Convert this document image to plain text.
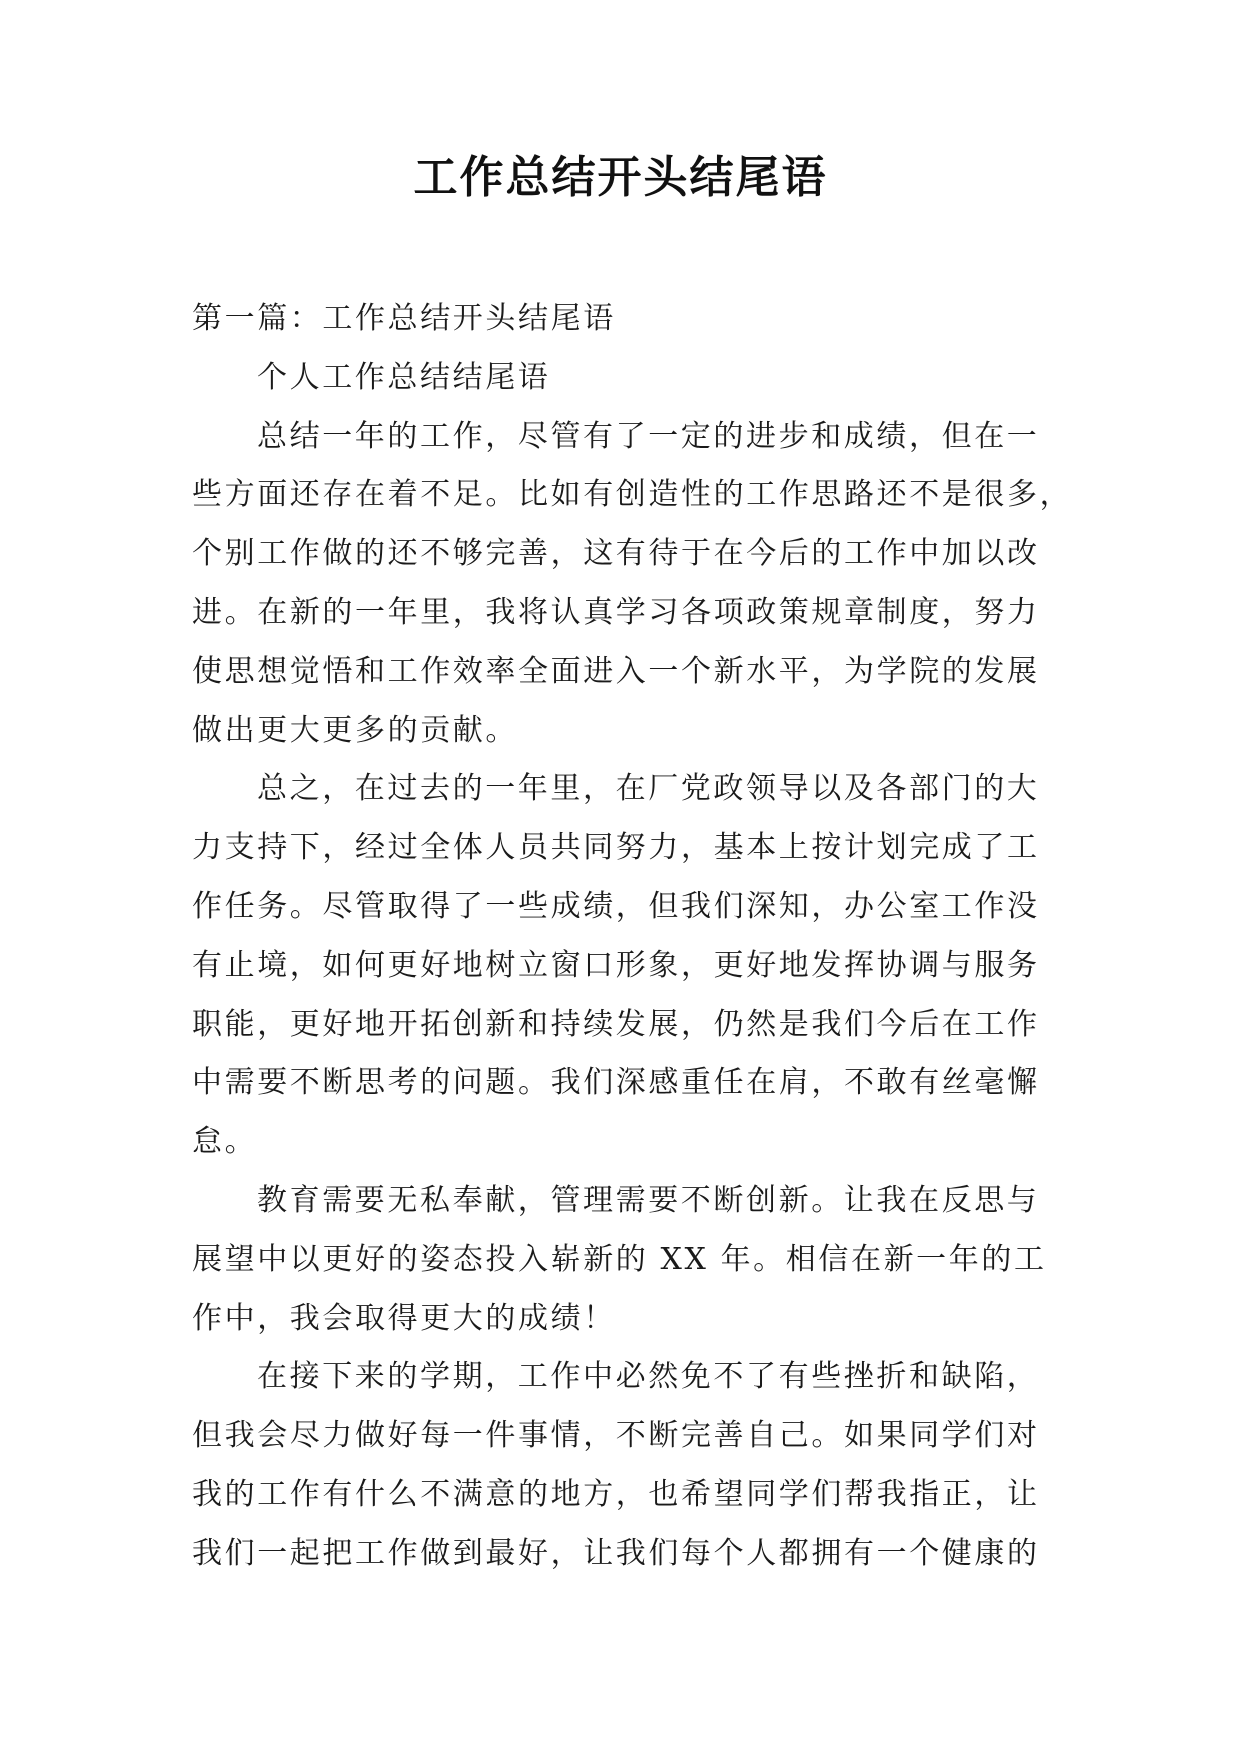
工作总结开头结尾语
第一篇：工作总结开头结尾语
个人工作总结结尾语
总结一年的工作，尽管有了一定的进步和成绩，但在一
些方面还存在着不足。比如有创造性的工作思路还不是很多，
个别工作做的还不够完善，这有待于在今后的工作中加以改
进。在新的一年里，我将认真学习各项政策规章制度，努力
使思想觉悟和工作效率全面进入一个新水平，为学院的发展
做出更大更多的贡献。
总之，在过去的一年里，在厂党政领导以及各部门的大
力支持下，经过全体人员共同努力，基本上按计划完成了工
作任务。尽管取得了一些成绩，但我们深知，办公室工作没
有止境，如何更好地树立窗口形象，更好地发挥协调与服务
职能，更好地开拓创新和持续发展，仍然是我们今后在工作
中需要不断思考的问题。我们深感重任在肩，不敢有丝毫懈
怠。
教育需要无私奉献，管理需要不断创新。让我在反思与
展望中以更好的姿态投入崭新的 XX 年。相信在新一年的工
作中，我会取得更大的成绩！
在接下来的学期，工作中必然免不了有些挫折和缺陷，
但我会尽力做好每一件事情，不断完善自己。如果同学们对
我的工作有什么不满意的地方，也希望同学们帮我指正，让
我们一起把工作做到最好，让我们每个人都拥有一个健康的
